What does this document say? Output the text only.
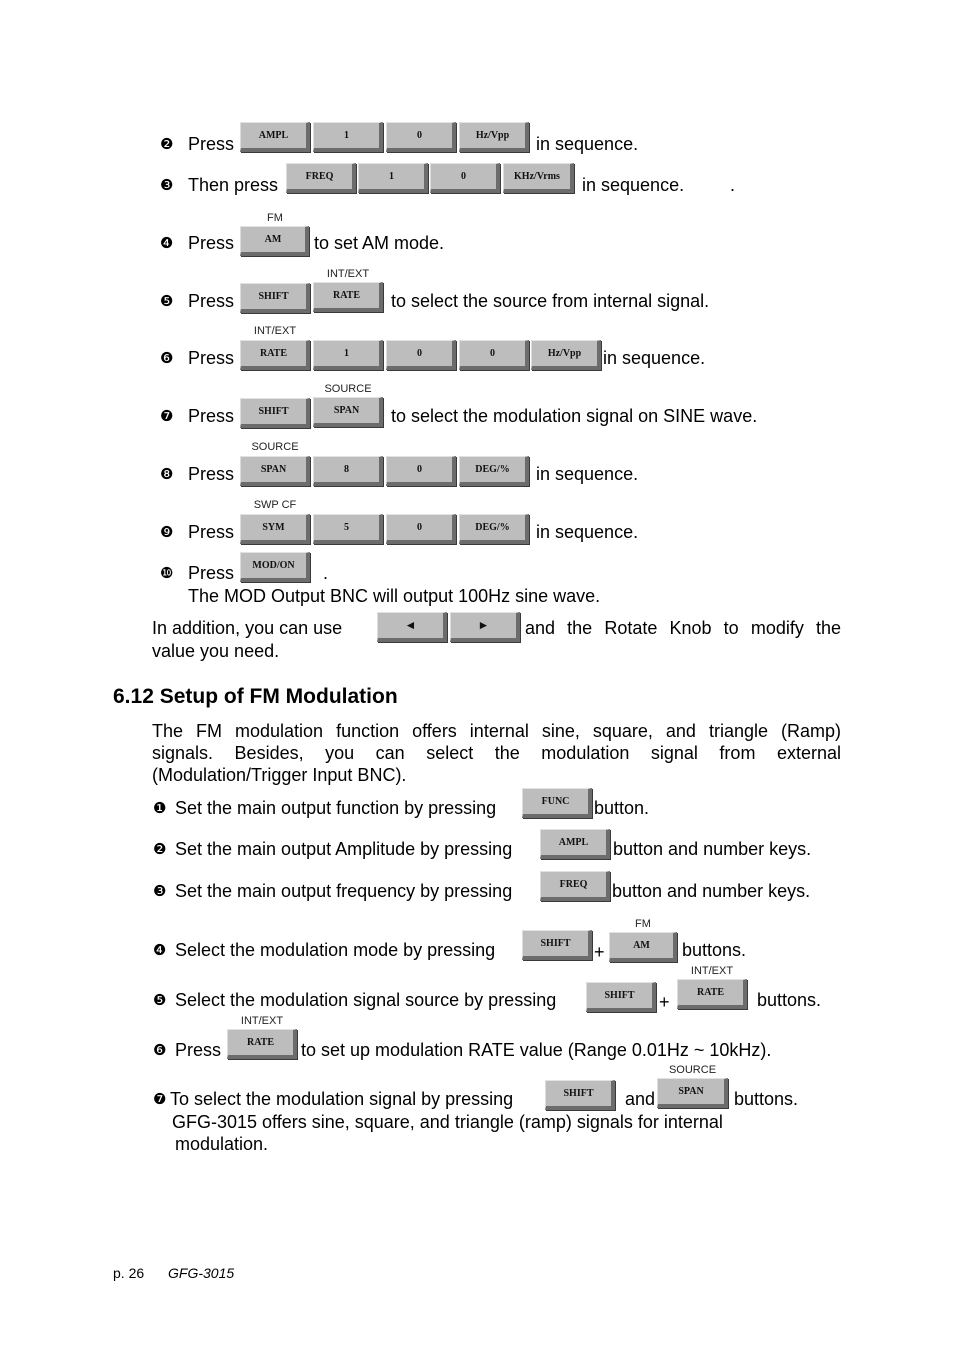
❷ Press	AMPL	1	0	Hz/Vpp	in sequence.
❸ Then press	FREQ	1	0	KHz/Vrms	in sequence.	.
FM
❹ Press	AM	to set AM mode.
INT/EXT
❺ Press	SHIFT	RATE	to select the source from internal signal.
INT/EXT
❻ Press	RATE	1	0	0	Hz/Vpp	in sequence.
SOURCE
❼ Press	SHIFT	SPAN	to select the modulation signal on SINE wave.
SOURCE
❽ Press	SPAN	8	0	DEG/%	in sequence.
SWP CF
❾ Press	SYM	5	0	DEG/%	in sequence.
❿ Press	MOD/ON	.
The MOD Output BNC will output 100Hz sine wave.
In addition, you can use	◄	►	and the Rotate Knob to modify the
value you need.
6.12 Setup of FM Modulation
The FM modulation function offers internal sine, square, and triangle (Ramp)
signals. Besides, you can select the modulation signal from external
(Modulation/Trigger Input BNC).
❶ Set the main output function by pressing	FUNC	button.
❷ Set the main output Amplitude by pressing	AMPL	button and number keys.
❸ Set the main output frequency by pressing	FREQ	button and number keys.
FM
❹ Select the modulation mode by pressing	SHIFT	+	AM	buttons.
INT/EXT
❺ Select the modulation signal source by pressing	SHIFT	+	RATE	buttons.
INT/EXT
❻ Press	RATE	to set up modulation RATE value (Range 0.01Hz ~ 10kHz).
SOURCE
❼ To select the modulation signal by pressing	SHIFT	and	SPAN	buttons.
GFG-3015 offers sine, square, and triangle (ramp) signals for internal
modulation.
p. 26 GFG-3015
